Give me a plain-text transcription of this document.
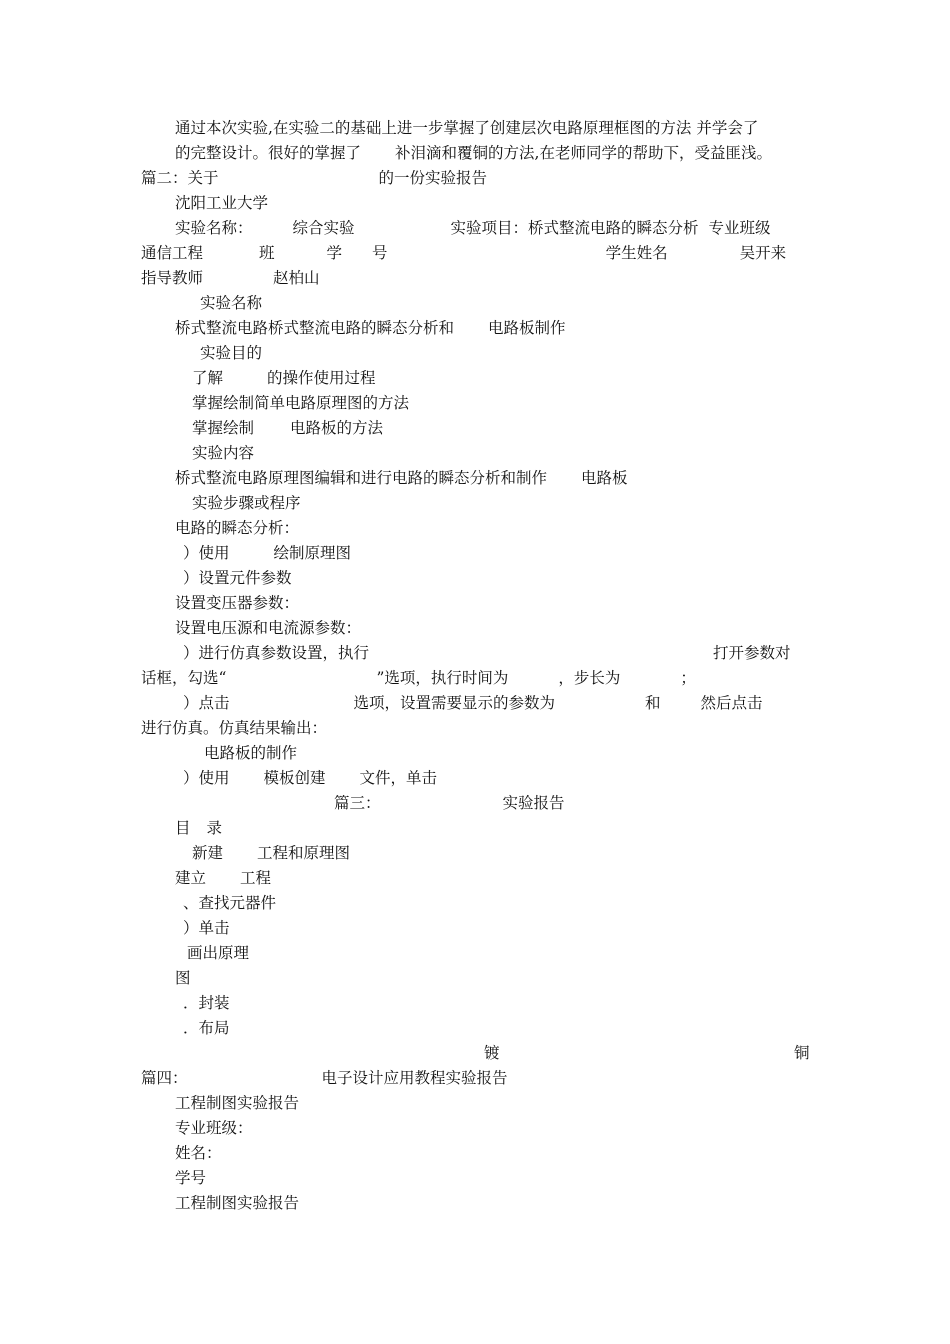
通过本次实验,在实验二的基础上进一步掌握了创建层次电路原理框图的方法 并学会了
的完整设计。很好的掌握了 补泪滴和覆铜的方法,在老师同学的帮助下，受益匪浅。
篇二：关于	的一份实验报告
沈阳工业大学
实验名称：	综合实验	实验项目：桥式整流电路的瞬态分析 专业班级
通信工程	班	学 号	学生姓名	吴开来
指导教师	赵柏山
实验名称
桥式整流电路桥式整流电路的瞬态分析和 电路板制作
实验目的
了解	的操作使用过程
掌握绘制简单电路原理图的方法
掌握绘制 电路板的方法
实验内容
桥式整流电路原理图编辑和进行电路的瞬态分析和制作 电路板
实验步骤或程序
电路的瞬态分析：
）使用	绘制原理图
）设置元件参数
设置变压器参数：
设置电压源和电流源参数：
）进行仿真参数设置，执行	打开参数对
话框，勾选“	”选项，执行时间为	，步长为	；
）点击	选项，设置需要显示的参数为	和	然后点击
进行仿真。仿真结果输出：
电路板的制作
）使用 模板创建 文件，单击
篇三：	实验报告
目 录
新建 工程和原理图
建立 工程
、查找元器件
）单击
画出原理
图
．封装
．布局
镀	铜
篇四：	电子设计应用教程实验报告
工程制图实验报告
专业班级：
姓名：
学号
工程制图实验报告
